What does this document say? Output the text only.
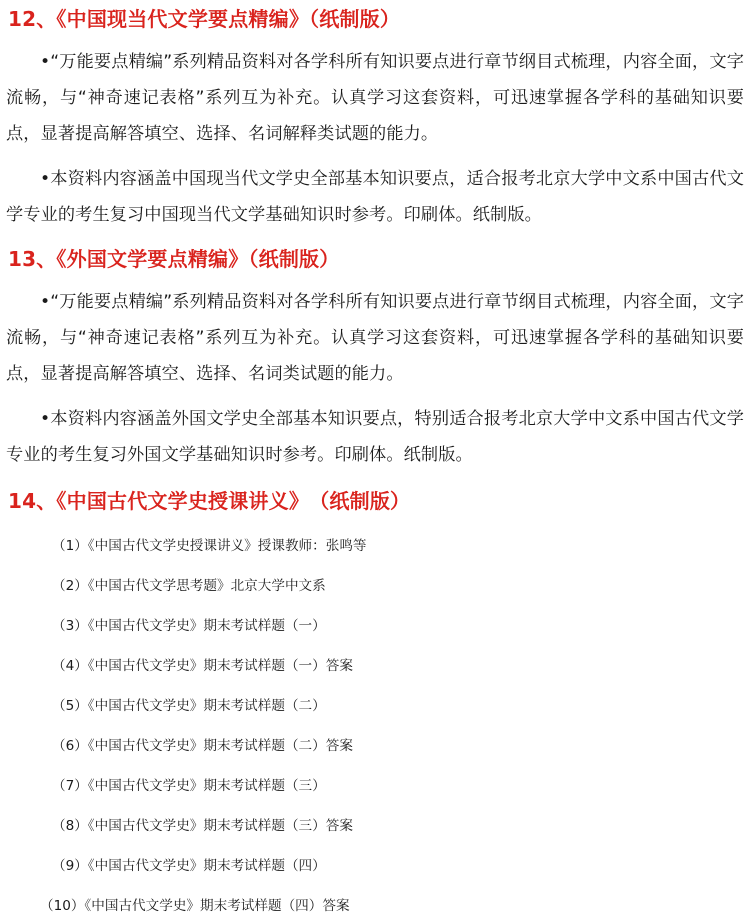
12、《中国现当代文学要点精编》（纸制版）
•“万能要点精编”系列精品资料对各学科所有知识要点进行章节纲目式梳理，内容全面，文字流畅，与“神奇速记表格”系列互为补充。认真学习这套资料，可迅速掌握各学科的基础知识要点，显著提高解答填空、选择、名词解释类试题的能力。
•本资料内容涵盖中国现当代文学史全部基本知识要点，适合报考北京大学中文系中国古代文学专业的考生复习中国现当代文学基础知识时参考。印刷体。纸制版。
13、《外国文学要点精编》（纸制版）
•“万能要点精编”系列精品资料对各学科所有知识要点进行章节纲目式梳理，内容全面，文字流畅，与“神奇速记表格”系列互为补充。认真学习这套资料，可迅速掌握各学科的基础知识要点，显著提高解答填空、选择、名词类试题的能力。
•本资料内容涵盖外国文学史全部基本知识要点，特别适合报考北京大学中文系中国古代文学专业的考生复习外国文学基础知识时参考。印刷体。纸制版。
14、《中国古代文学史授课讲义》　（纸制版）
（1）《中国古代文学史授课讲义》授课教师：张鸣等
（2）《中国古代文学思考题》北京大学中文系
（3）《中国古代文学史》期末考试样题（一）
（4）《中国古代文学史》期末考试样题（一）答案
（5）《中国古代文学史》期末考试样题（二）
（6）《中国古代文学史》期末考试样题（二）答案
（7）《中国古代文学史》期末考试样题（三）
（8）《中国古代文学史》期末考试样题（三）答案
（9）《中国古代文学史》期末考试样题（四）
（10）《中国古代文学史》期末考试样题（四）答案
